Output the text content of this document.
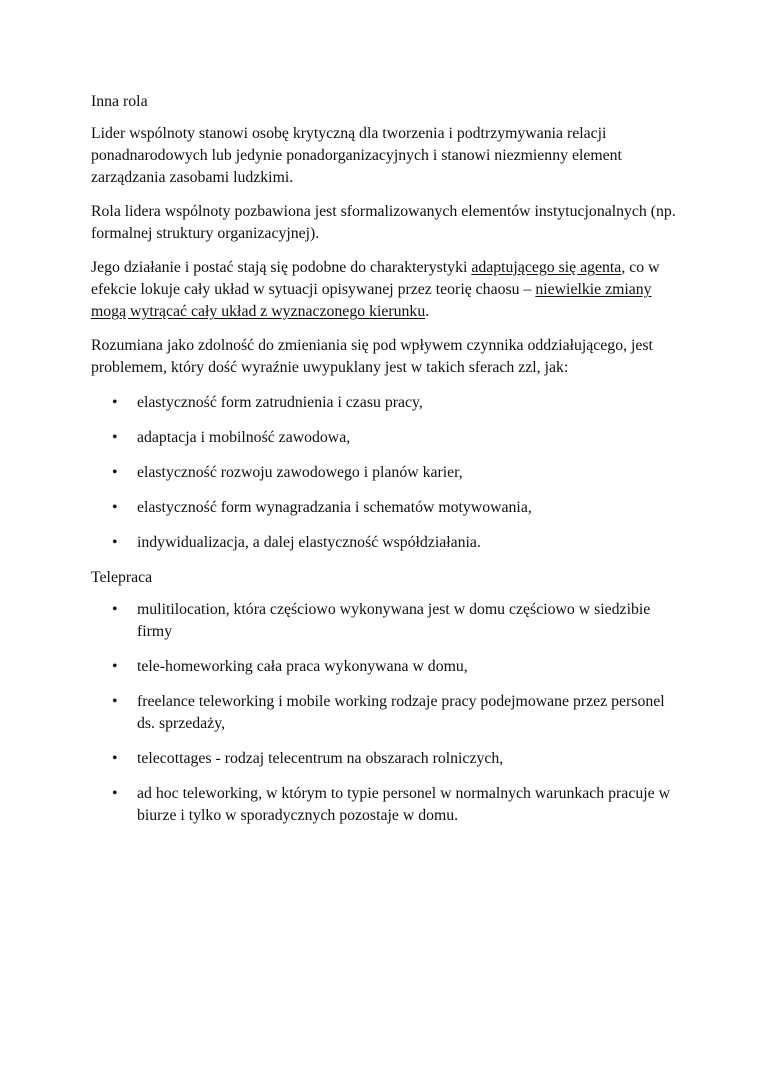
Inna rola

Lider wspólnoty stanowi osobę krytyczną dla tworzenia i podtrzymywania relacji ponadnarodowych lub jedynie ponadorganizacyjnych i stanowi niezmienny element zarządzania zasobami ludzkimi.

Rola lidera wspólnoty pozbawiona jest sformalizowanych elementów instytucjonalnych (np. formalnej struktury organizacyjnej).

Jego działanie i postać stają się podobne do charakterystyki adaptującego się agenta, co w efekcie lokuje cały układ w sytuacji opisywanej przez teorię chaosu – niewielkie zmiany mogą wytrącać cały układ z wyznaczonego kierunku.

Rozumiana jako zdolność do zmieniania się pod wpływem czynnika oddziałującego, jest problemem, który dość wyraźnie uwypuklany jest w takich sferach zzl, jak:

• elastyczność form zatrudnienia i czasu pracy,
• adaptacja i mobilność zawodowa,
• elastyczność rozwoju zawodowego i planów karier,
• elastyczność form wynagradzania i schematów motywowania,
• indywidualizacja, a dalej elastyczność współdziałania.

Telepraca

• mulitilocation, która częściowo wykonywana jest w domu częściowo w siedzibie firmy
• tele-homeworking cała praca wykonywana w domu,
• freelance teleworking i mobile working rodzaje pracy podejmowane przez personel ds. sprzedaży,
• telecottages - rodzaj telecentrum na obszarach rolniczych,
• ad hoc teleworking, w którym to typie personel w normalnych warunkach pracuje w biurze i tylko w sporadycznych pozostaje w domu.
